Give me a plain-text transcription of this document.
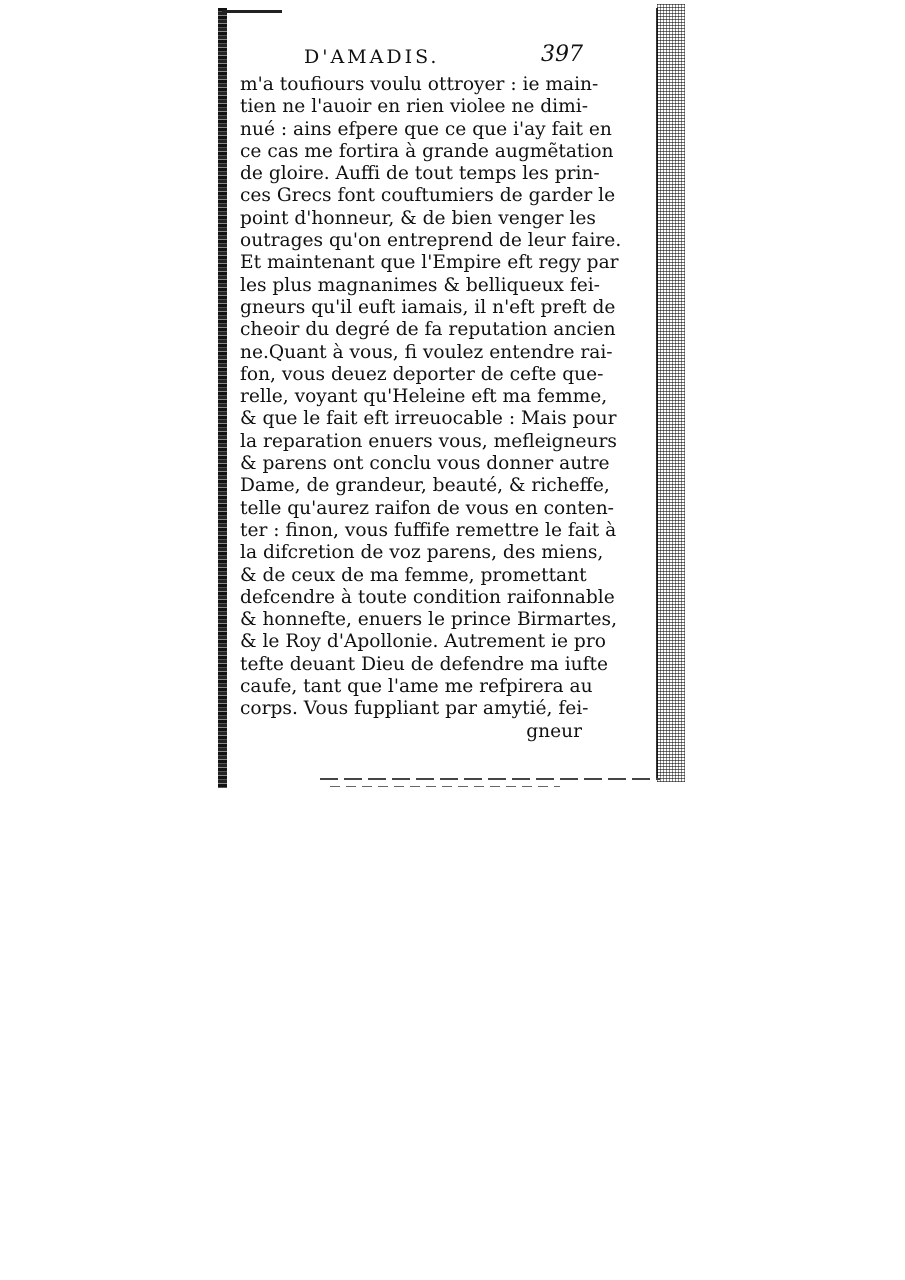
D'AMADIS.	397
m'a toufiours voulu ottroyer : ie main-
tien ne l'auoir en rien violee ne dimi-
nué : ains efpere que ce que i'ay fait en
ce cas me fortira à grande augmẽtation
de gloire. Auffi de tout temps les prin-
ces Grecs font couftumiers de garder le
point d'honneur, & de bien venger les
outrages qu'on entreprend de leur faire.
Et maintenant que l'Empire eft regy par
les plus magnanimes & belliqueux fei-
gneurs qu'il euft iamais, il n'eft preft de
cheoir du degré de fa reputation ancien
ne.Quant à vous, fi voulez entendre rai-
fon, vous deuez deporter de cefte que-
relle, voyant qu'Heleine eft ma femme,
& que le fait eft irreuocable : Mais pour
la reparation enuers vous, mefleigneurs
& parens ont conclu vous donner autre
Dame, de grandeur, beauté, & richeffe,
telle qu'aurez raifon de vous en conten-
ter : finon, vous fuffife remettre le fait à
la difcretion de voz parens, des miens,
& de ceux de ma femme, promettant
defcendre à toute condition raifonnable
& honnefte, enuers le prince Birmartes,
& le Roy d'Apollonie. Autrement ie pro
tefte deuant Dieu de defendre ma iufte
caufe, tant que l'ame me refpirera au
corps. Vous fuppliant par amytié, fei-
gneur
